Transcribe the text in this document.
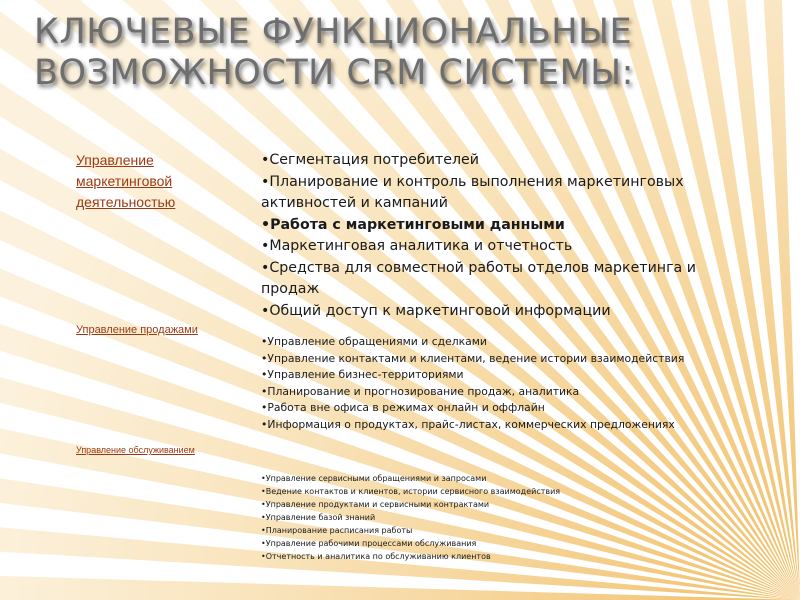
КЛЮЧЕВЫЕ ФУНКЦИОНАЛЬНЫЕ
ВОЗМОЖНОСТИ CRM СИСТЕМЫ:
Управление маркетинговой деятельностью
•Сегментация потребителей
•Планирование и контроль выполнения маркетинговых активностей и кампаний
•Работа с маркетинговыми данными
•Маркетинговая аналитика и отчетность
•Средства для совместной работы отделов маркетинга и продаж
•Общий доступ к маркетинговой информации
Управление продажами
•Управление обращениями и сделками
•Управление контактами и клиентами, ведение истории взаимодействия
•Управление бизнес-территориями
•Планирование и прогнозирование продаж, аналитика
•Работа вне офиса в режимах онлайн и оффлайн
•Информация о продуктах, прайс-листах, коммерческих предложениях
Управление обслуживанием
•Управление сервисными обращениями и запросами
•Ведение контактов и клиентов, истории сервисного взаимодействия
•Управление продуктами и сервисными контрактами
•Управление базой знаний
•Планирование расписания работы
•Управление рабочими процессами обслуживания
•Отчетность и аналитика по обслуживанию клиентов
